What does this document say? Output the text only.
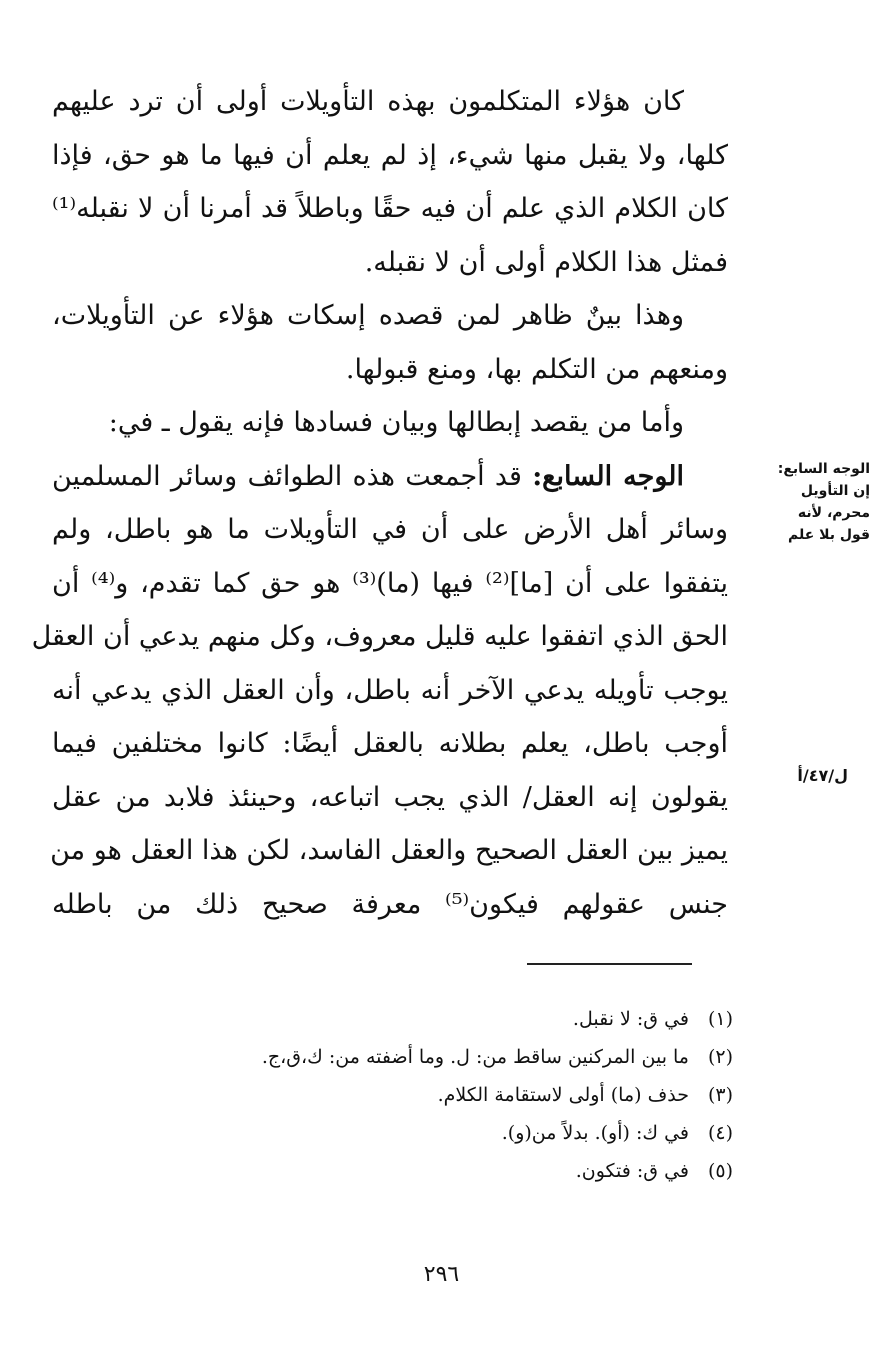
كان هؤلاء المتكلمون بهذه التأويلات أولى أن ترد عليهم
كلها، ولا يقبل منها شيء، إذ لم يعلم أن فيها ما هو حق، فإذا
كان الكلام الذي علم أن فيه حقًا وباطلاً قد أمرنا أن لا نقبله⁽¹⁾
فمثل هذا الكلام أولى أن لا نقبله.
وهذا بينٌ ظاهر لمن قصده إسكات هؤلاء عن التأويلات،
ومنعهم من التكلم بها، ومنع قبولها.
وأما من يقصد إبطالها وبيان فسادها فإنه يقول ـ في:
الوجه السابع: قد أجمعت هذه الطوائف وسائر المسلمين
وسائر أهل الأرض على أن في التأويلات ما هو باطل، ولم
يتفقوا على أن [ما]⁽²⁾ فيها (ما)⁽³⁾ هو حق كما تقدم، و⁽⁴⁾ أن
الحق الذي اتفقوا عليه قليل معروف، وكل منهم يدعي أن العقل
يوجب تأويله يدعي الآخر أنه باطل، وأن العقل الذي يدعي أنه
أوجب باطل، يعلم بطلانه بالعقل أيضًا: كانوا مختلفين فيما
يقولون إنه العقل/ الذي يجب اتباعه، وحينئذ فلابد من عقل
يميز بين العقل الصحيح والعقل الفاسد، لكن هذا العقل هو من
جنس عقولهم فيكون⁽⁵⁾ معرفة صحيح ذلك من باطله
الوجه السابع:
إن التأويل
محرم، لأنه
قول بلا علم
ل/٤٧/أ
(١)في ق: لا نقبل.
(٢)ما بين المركنين ساقط من: ل. وما أضفته من: ك،ق،ج.
(٣)حذف (ما) أولى لاستقامة الكلام.
(٤)في ك: (أو). بدلاً من(و).
(٥)في ق: فتكون.
٢٩٦
